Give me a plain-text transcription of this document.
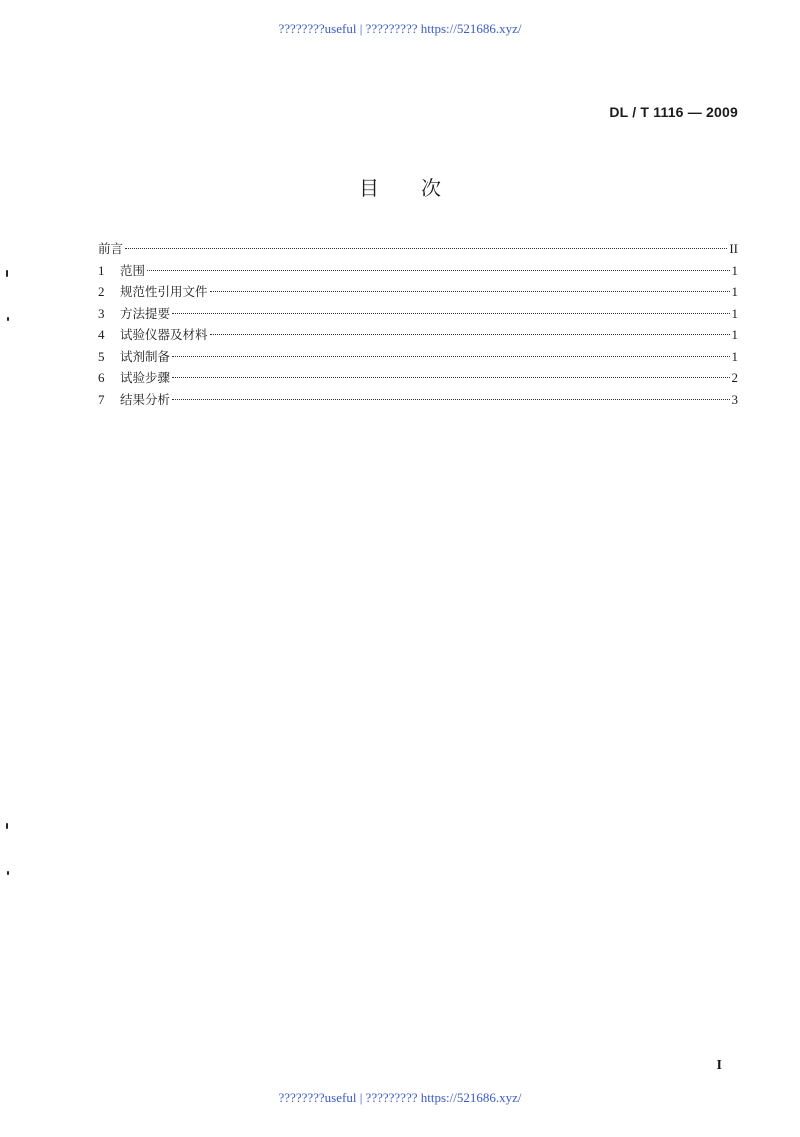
????????useful | ????????? https://521686.xyz/
DL / T 1116 — 2009
目次
前言	II
1	范围	1
2	规范性引用文件	1
3	方法提要	1
4	试验仪器及材料	1
5	试剂制备	1
6	试验步骤	2
7	结果分析	3
I
????????useful | ????????? https://521686.xyz/
